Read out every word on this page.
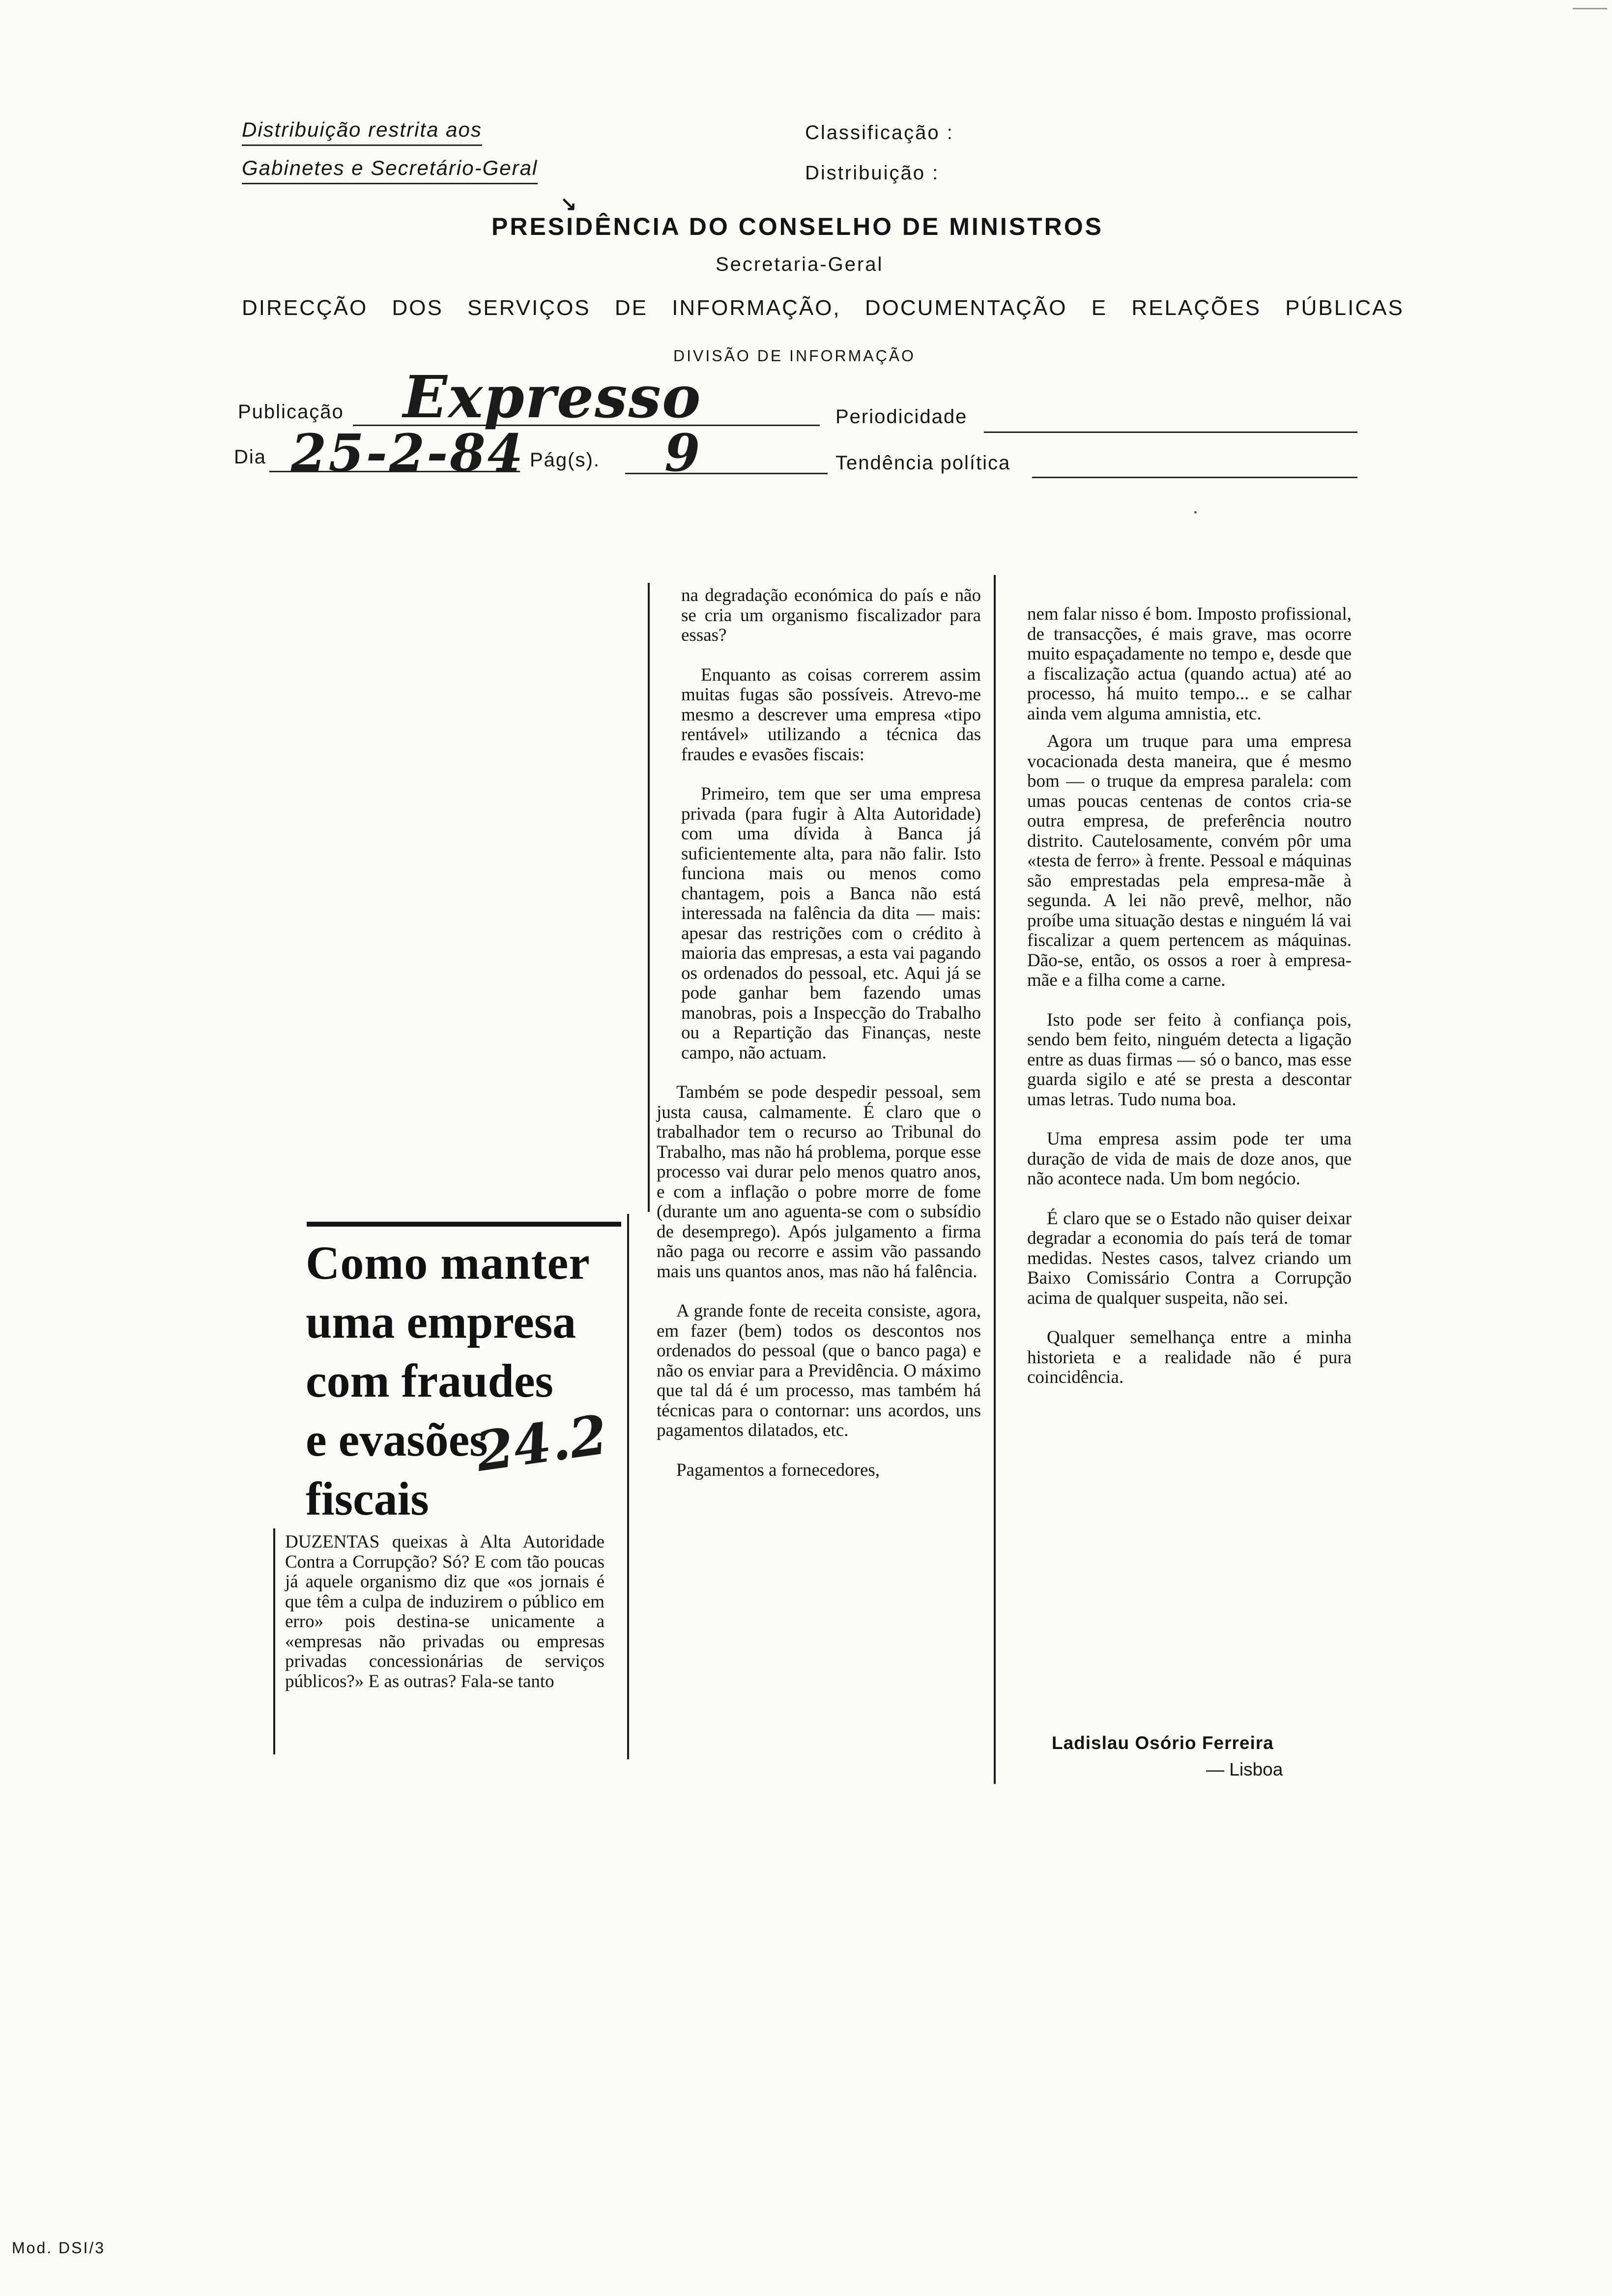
Distribuição restrita aos
Gabinetes e Secretário-Geral
↘
Classificação :
Distribuição :
PRESIDÊNCIA DO CONSELHO DE MINISTROS
Secretaria-Geral
DIRECÇÃO DOS SERVIÇOS DE INFORMAÇÃO, DOCUMENTAÇÃO E RELAÇÕES PÚBLICAS
DIVISÃO DE INFORMAÇÃO
Publicação Expresso	Periodicidade
Dia 25-2-84 Pág(s). 9	Tendência política
Como manter
uma empresa
com fraudes
e evasões
fiscais
24.2

DUZENTAS queixas à Alta Autoridade Contra a Corrupção? Só? E com tão poucas já aquele organismo diz que «os jornais é que têm a culpa de induzirem o público em erro» pois destina-se unicamente a «empresas não privadas ou empresas privadas concessionárias de serviços públicos?» E as outras? Fala-se tanto

na degradação económica do país e não se cria um organismo fiscalizador para essas?

Enquanto as coisas correrem assim muitas fugas são possíveis. Atrevo-me mesmo a descrever uma empresa «tipo rentável» utilizando a técnica das fraudes e evasões fiscais:

Primeiro, tem que ser uma empresa privada (para fugir à Alta Autoridade) com uma dívida à Banca já suficientemente alta, para não falir. Isto funciona mais ou menos como chantagem, pois a Banca não está interessada na falência da dita — mais: apesar das restrições com o crédito à maioria das empresas, a esta vai pagando os ordenados do pessoal, etc. Aqui já se pode ganhar bem fazendo umas manobras, pois a Inspecção do Trabalho ou a Repartição das Finanças, neste campo, não actuam.

Também se pode despedir pessoal, sem justa causa, calmamente. É claro que o trabalhador tem o recurso ao Tribunal do Trabalho, mas não há problema, porque esse processo vai durar pelo menos quatro anos, e com a inflação o pobre morre de fome (durante um ano aguenta-se com o subsídio de desemprego). Após julgamento a firma não paga ou recorre e assim vão passando mais uns quantos anos, mas não há falência.

A grande fonte de receita consiste, agora, em fazer (bem) todos os descontos nos ordenados do pessoal (que o banco paga) e não os enviar para a Previdência. O máximo que tal dá é um processo, mas também há técnicas para o contornar: uns acordos, uns pagamentos dilatados, etc.

Pagamentos a fornecedores,

nem falar nisso é bom. Imposto profissional, de transacções, é mais grave, mas ocorre muito espaçadamente no tempo e, desde que a fiscalização actua (quando actua) até ao processo, há muito tempo... e se calhar ainda vem alguma amnistia, etc.

Agora um truque para uma empresa vocacionada desta maneira, que é mesmo bom — o truque da empresa paralela: com umas poucas centenas de contos cria-se outra empresa, de preferência noutro distrito. Cautelosamente, convém pôr uma «testa de ferro» à frente. Pessoal e máquinas são emprestadas pela empresa-mãe à segunda. A lei não prevê, melhor, não proíbe uma situação destas e ninguém lá vai fiscalizar a quem pertencem as máquinas. Dão-se, então, os ossos a roer à empresa-mãe e a filha come a carne.

Isto pode ser feito à confiança pois, sendo bem feito, ninguém detecta a ligação entre as duas firmas — só o banco, mas esse guarda sigilo e até se presta a descontar umas letras. Tudo numa boa.

Uma empresa assim pode ter uma duração de vida de mais de doze anos, que não acontece nada. Um bom negócio.

É claro que se o Estado não quiser deixar degradar a economia do país terá de tomar medidas. Nestes casos, talvez criando um Baixo Comissário Contra a Corrupção acima de qualquer suspeita, não sei.

Qualquer semelhança entre a minha historieta e a realidade não é pura coincidência.

Ladislau Osório Ferreira
— Lisboa
Mod. DSI/3
